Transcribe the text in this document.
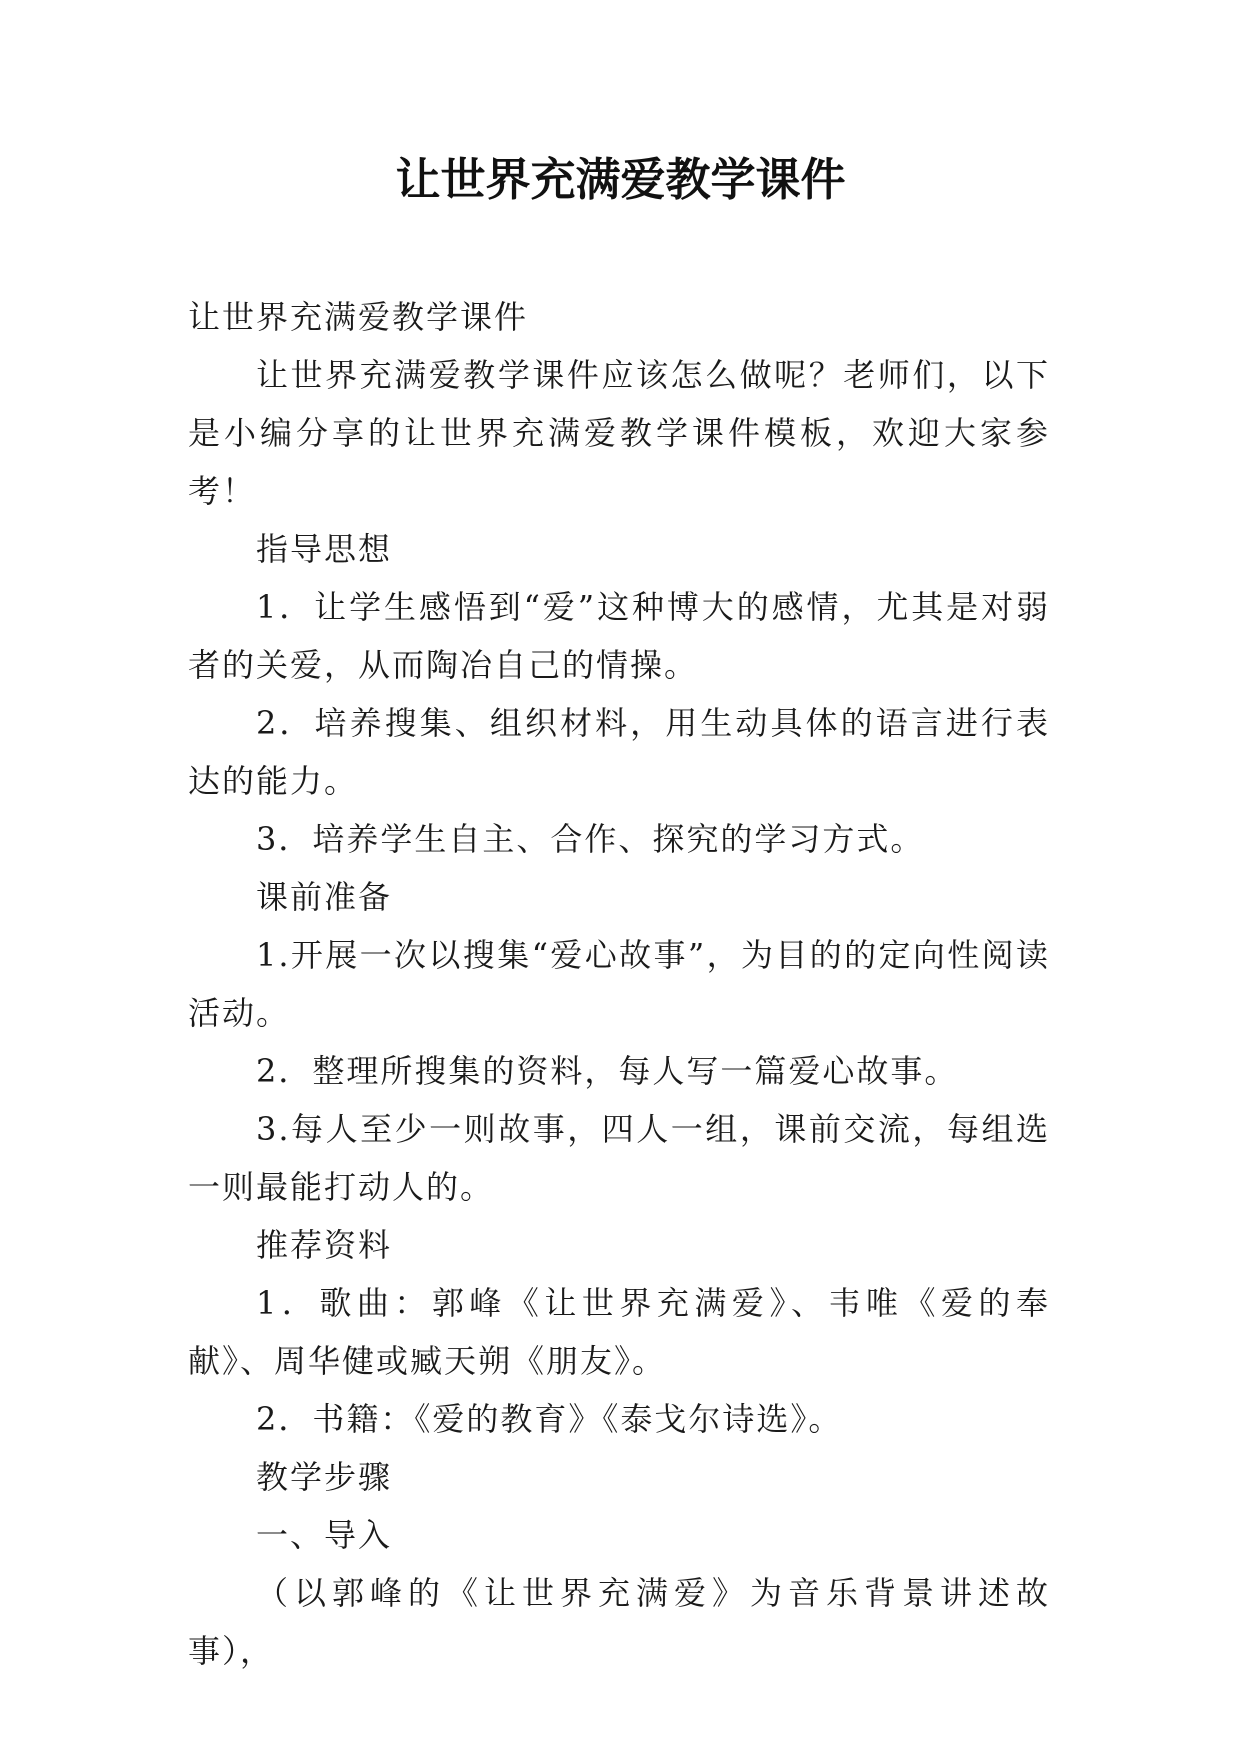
让世界充满爱教学课件

让世界充满爱教学课件

让世界充满爱教学课件应该怎么做呢？老师们，以下是小编分享的让世界充满爱教学课件模板，欢迎大家参考！

指导思想

1．让学生感悟到“爱”这种博大的感情，尤其是对弱者的关爱，从而陶冶自己的情操。

2．培养搜集、组织材料，用生动具体的语言进行表达的能力。

3．培养学生自主、合作、探究的学习方式。

课前准备

1.开展一次以搜集“爱心故事”，为目的的定向性阅读活动。

2．整理所搜集的资料，每人写一篇爱心故事。

3.每人至少一则故事，四人一组，课前交流，每组选一则最能打动人的。

推荐资料

1．歌曲：郭峰《让世界充满爱》、韦唯《爱的奉献》、周华健或臧天朔《朋友》。

2．书籍：《爱的教育》《泰戈尔诗选》。

教学步骤

一、导入

（以郭峰的《让世界充满爱》为音乐背景讲述故事），
